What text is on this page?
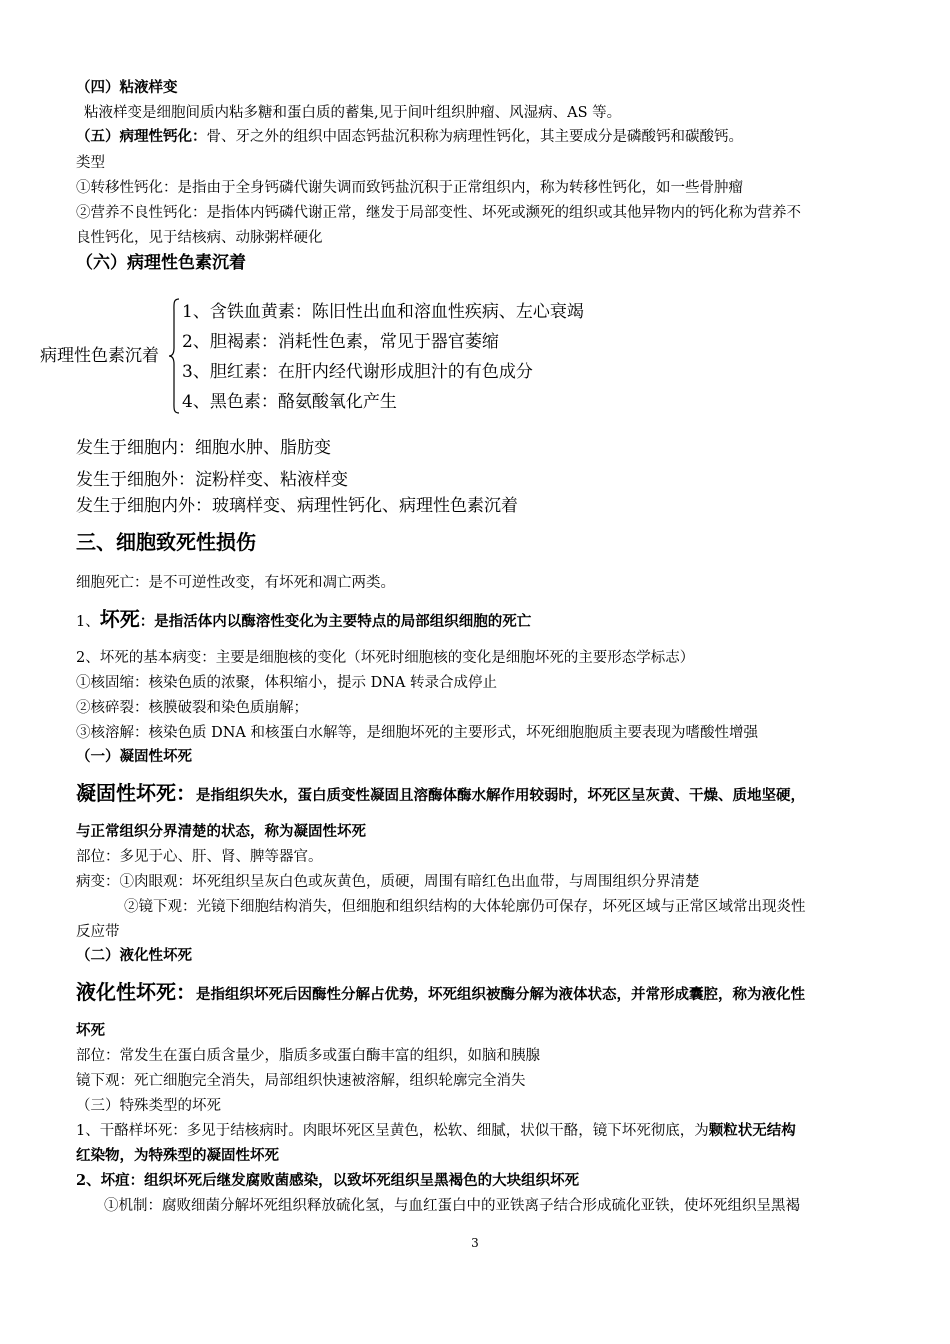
（四）粘液样变
粘液样变是细胞间质内粘多糖和蛋白质的蓄集,见于间叶组织肿瘤、风湿病、AS 等。
（五）病理性钙化：骨、牙之外的组织中固态钙盐沉积称为病理性钙化，其主要成分是磷酸钙和碳酸钙。
类型
①转移性钙化：是指由于全身钙磷代谢失调而致钙盐沉积于正常组织内，称为转移性钙化，如一些骨肿瘤
②营养不良性钙化：是指体内钙磷代谢正常，继发于局部变性、坏死或濒死的组织或其他异物内的钙化称为营养不
良性钙化，见于结核病、动脉粥样硬化
（六）病理性色素沉着
病理性色素沉着
1、含铁血黄素：陈旧性出血和溶血性疾病、左心衰竭
2、胆褐素：消耗性色素，常见于器官萎缩
3、胆红素：在肝内经代谢形成胆汁的有色成分
4、黑色素：酪氨酸氧化产生
发生于细胞内：细胞水肿、脂肪变
发生于细胞外：淀粉样变、粘液样变
发生于细胞内外：玻璃样变、病理性钙化、病理性色素沉着
三、细胞致死性损伤
细胞死亡：是不可逆性改变，有坏死和凋亡两类。
1、坏死：是指活体内以酶溶性变化为主要特点的局部组织细胞的死亡
2、坏死的基本病变：主要是细胞核的变化（坏死时细胞核的变化是细胞坏死的主要形态学标志）
①核固缩：核染色质的浓聚，体积缩小，提示 DNA 转录合成停止
②核碎裂：核膜破裂和染色质崩解；
③核溶解：核染色质 DNA 和核蛋白水解等，是细胞坏死的主要形式，坏死细胞胞质主要表现为嗜酸性增强
（一）凝固性坏死
凝固性坏死：是指组织失水，蛋白质变性凝固且溶酶体酶水解作用较弱时，坏死区呈灰黄、干燥、质地坚硬，
与正常组织分界清楚的状态，称为凝固性坏死
部位：多见于心、肝、肾、脾等器官。
病变：①肉眼观：坏死组织呈灰白色或灰黄色，质硬，周围有暗红色出血带，与周围组织分界清楚
②镜下观：光镜下细胞结构消失，但细胞和组织结构的大体轮廓仍可保存，坏死区域与正常区域常出现炎性
反应带
（二）液化性坏死
液化性坏死：是指组织坏死后因酶性分解占优势，坏死组织被酶分解为液体状态，并常形成囊腔，称为液化性
坏死
部位：常发生在蛋白质含量少，脂质多或蛋白酶丰富的组织，如脑和胰腺
镜下观：死亡细胞完全消失，局部组织快速被溶解，组织轮廓完全消失
（三）特殊类型的坏死
1、干酪样坏死：多见于结核病时。肉眼坏死区呈黄色，松软、细腻，状似干酪，镜下坏死彻底，为颗粒状无结构
红染物，为特殊型的凝固性坏死
2、坏疽：组织坏死后继发腐败菌感染，以致坏死组织呈黑褐色的大块组织坏死
①机制：腐败细菌分解坏死组织释放硫化氢，与血红蛋白中的亚铁离子结合形成硫化亚铁，使坏死组织呈黑褐
3
